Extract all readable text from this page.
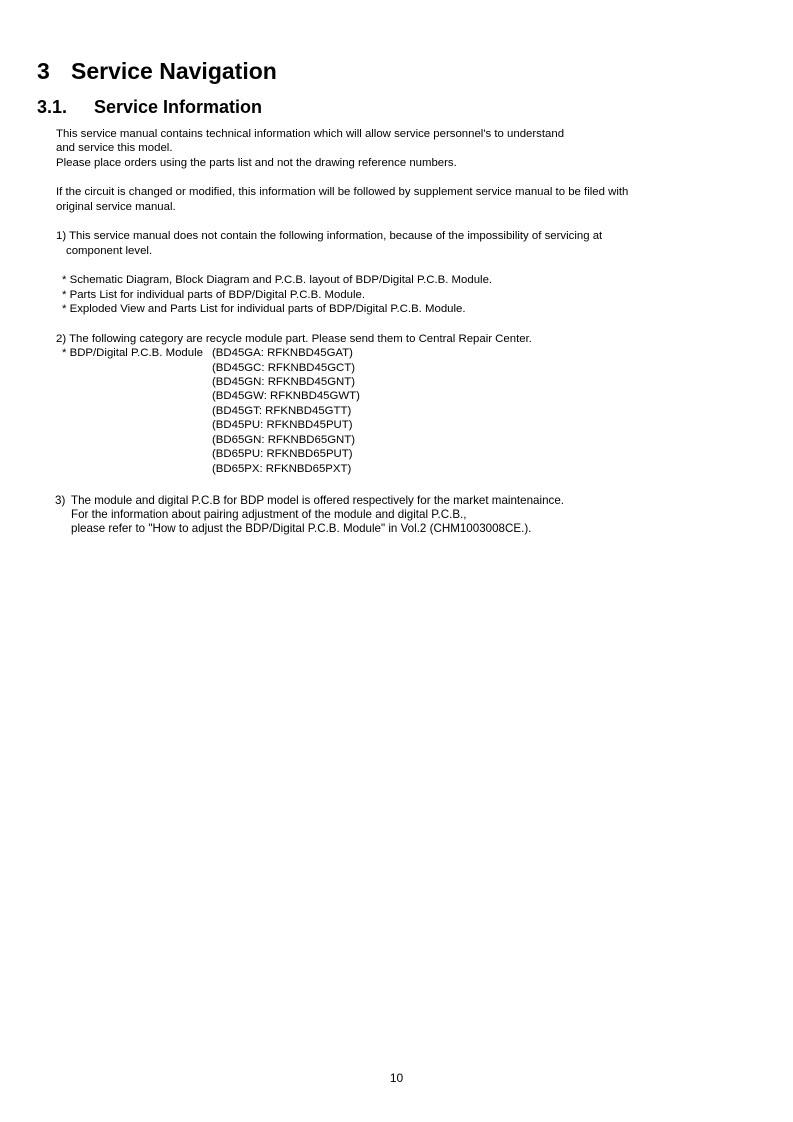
3 Service Navigation
3.1. Service Information
This service manual contains technical information which will allow service personnel's to understand
and service this model.
Please place orders using the parts list and not the drawing reference numbers.
If the circuit is changed or modified, this information will be followed by supplement service manual to be filed with
original service manual.
1) This service manual does not contain the following information, because of the impossibility of servicing at
component level.
* Schematic Diagram, Block Diagram and P.C.B. layout of BDP/Digital P.C.B. Module.
* Parts List for individual parts of BDP/Digital P.C.B. Module.
* Exploded View and Parts List for individual parts of BDP/Digital P.C.B. Module.
2) The following category are recycle module part. Please send them to Central Repair Center.
* BDP/Digital P.C.B. Module (BD45GA: RFKNBD45GAT)
(BD45GC: RFKNBD45GCT)
(BD45GN: RFKNBD45GNT)
(BD45GW: RFKNBD45GWT)
(BD45GT: RFKNBD45GTT)
(BD45PU: RFKNBD45PUT)
(BD65GN: RFKNBD65GNT)
(BD65PU: RFKNBD65PUT)
(BD65PX: RFKNBD65PXT)
3) The module and digital P.C.B for BDP model is offered respectively for the market maintenaince.
For the information about pairing adjustment of the module and digital P.C.B.,
please refer to "How to adjust the BDP/Digital P.C.B. Module" in Vol.2 (CHM1003008CE.).
10
